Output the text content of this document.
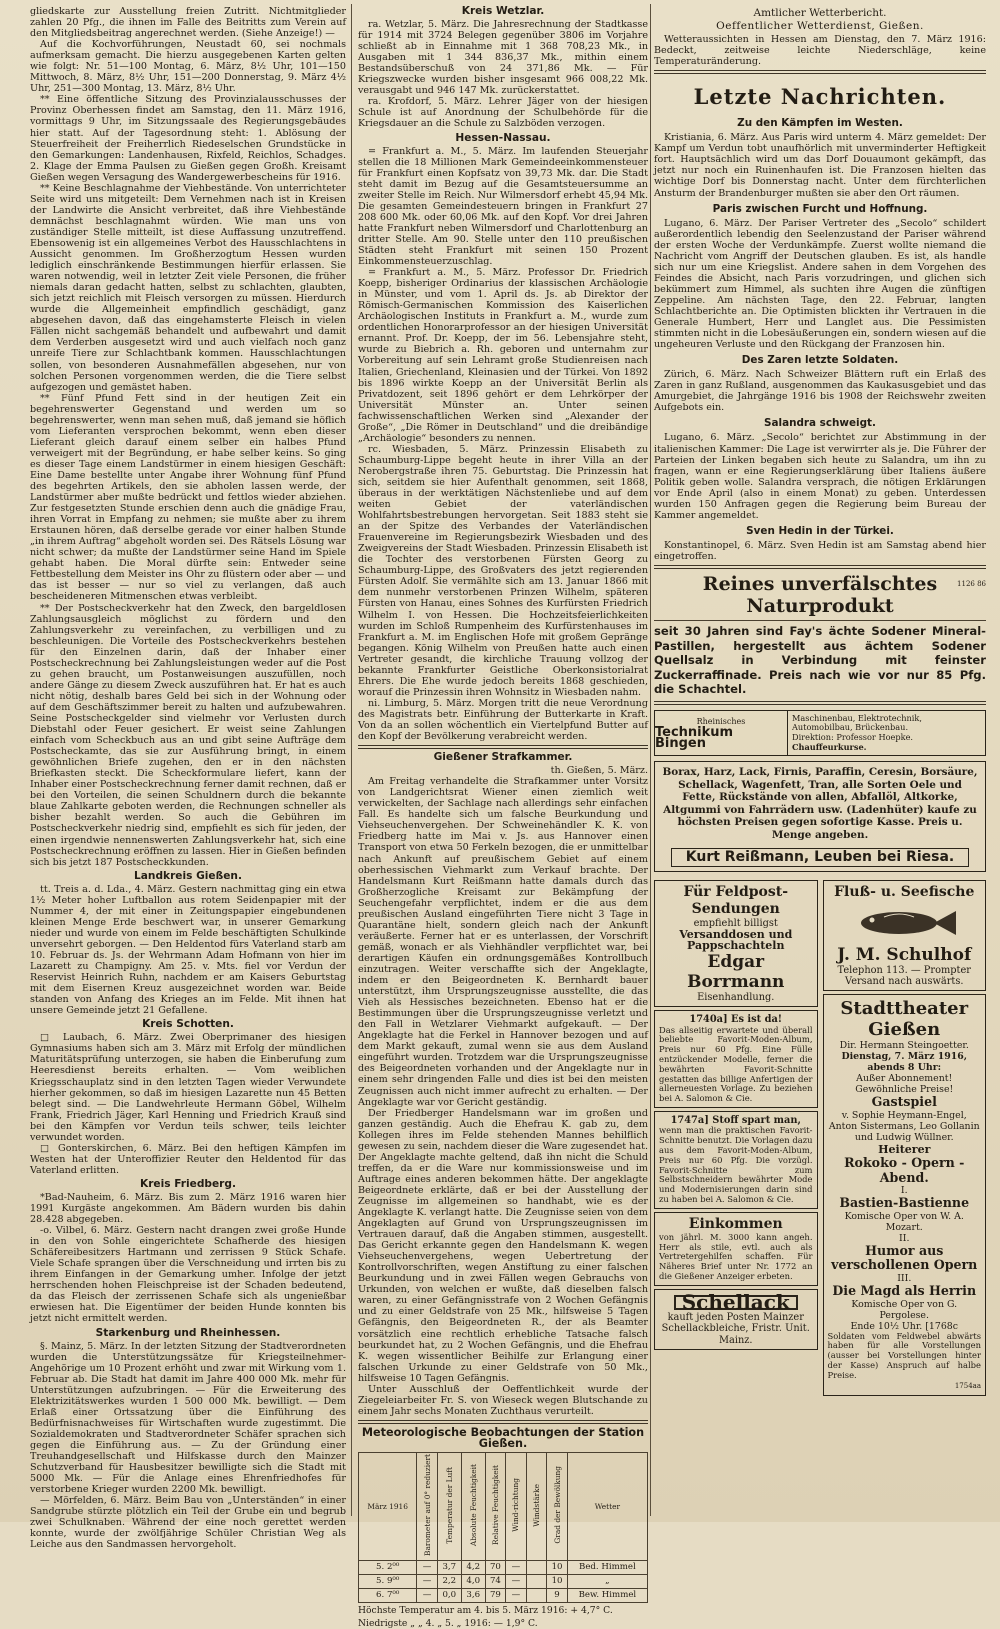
gliedskarte zur Ausstellung freien Zutritt. Nichtmitglieder zahlen 20 Pfg., die ihnen im Falle des Beitritts zum Verein auf den Mitgliedsbeitrag angerechnet werden. (Siehe Anzeige!) —

Auf die Kochvorführungen, Neustadt 60, sei nochmals aufmerksam gemacht. Die hierzu ausgegebenen Karten gelten wie folgt: Nr. 51—100 Montag, 6. März, 8½ Uhr, 101—150 Mittwoch, 8. März, 8½ Uhr, 151—200 Donnerstag, 9. März 4½ Uhr, 251—300 Montag, 13. März, 8½ Uhr.

** Eine öffentliche Sitzung des Provinzialausschusses der Provinz Oberhessen findet am Samstag, den 11. März 1916, vormittags 9 Uhr, im Sitzungssaale des Regierungsgebäudes hier statt. Auf der Tagesordnung steht: 1. Ablösung der Steuerfreiheit der Freiherrlich Riedeselschen Grundstücke in den Gemarkungen: Landenhausen, Rixfeld, Reichlos, Schadges. 2. Klage der Emma Paulsen zu Gießen gegen Großh. Kreisamt Gießen wegen Versagung des Wandergewerbescheins für 1916.

** Keine Beschlagnahme der Viehbestände. Von unterrichteter Seite wird uns mitgeteilt: Dem Vernehmen nach ist in Kreisen der Landwirte die Ansicht verbreitet, daß ihre Viehbestände demnächst beschlagnahmt würden. Wie man uns von zuständiger Stelle mitteilt, ist diese Auffassung unzutreffend. Ebensowenig ist ein allgemeines Verbot des Hausschlachtens in Aussicht genommen. Im Großherzogtum Hessen wurden lediglich einschränkende Bestimmungen hierfür erlassen. Sie waren notwendig, weil in letzter Zeit viele Personen, die früher niemals daran gedacht hatten, selbst zu schlachten, glaubten, sich jetzt reichlich mit Fleisch versorgen zu müssen. Hierdurch wurde die Allgemeinheit empfindlich geschädigt, ganz abgesehen davon, daß das eingehamsterte Fleisch in vielen Fällen nicht sachgemäß behandelt und aufbewahrt und damit dem Verderben ausgesetzt wird und auch vielfach noch ganz unreife Tiere zur Schlachtbank kommen. Hausschlachtungen sollen, von besonderen Ausnahmefällen abgesehen, nur von solchen Personen vorgenommen werden, die die Tiere selbst aufgezogen und gemästet haben.

** Fünf Pfund Fett sind in der heutigen Zeit ein begehrenswerter Gegenstand und werden um so begehrenswerter, wenn man sehen muß, daß jemand sie höflich vom Lieferanten versprochen bekommt, wenn eben dieser Lieferant gleich darauf einem selber ein halbes Pfund verweigert mit der Begründung, er habe selber keins. So ging es dieser Tage einem Landstürmer in einem hiesigen Geschäft: Eine Dame bestellte unter Angabe ihrer Wohnung fünf Pfund des begehrten Artikels, den sie abholen lassen werde, der Landstürmer aber mußte bedrückt und fettlos wieder abziehen. Zur festgesetzten Stunde erschien denn auch die gnädige Frau, ihren Vorrat in Empfang zu nehmen; sie mußte aber zu ihrem Erstaunen hören, daß derselbe gerade vor einer halben Stunde „in ihrem Auftrag“ abgeholt worden sei. Des Rätsels Lösung war nicht schwer; da mußte der Landstürmer seine Hand im Spiele gehabt haben. Die Moral dürfte sein: Entweder seine Fettbestellung dem Meister ins Ohr zu flüstern oder aber — und das ist besser — nur so viel zu verlangen, daß auch bescheideneren Mitmenschen etwas verbleibt.

** Der Postscheckverkehr hat den Zweck, den bargeldlosen Zahlungsausgleich möglichst zu fördern und den Zahlungsverkehr zu vereinfachen, zu verbilligen und zu beschleunigen. Die Vorteile des Postscheckverkehrs bestehen für den Einzelnen darin, daß der Inhaber einer Postscheckrechnung bei Zahlungsleistungen weder auf die Post zu gehen braucht, um Postanweisungen auszufüllen, noch andere Gänge zu diesem Zweck auszuführen hat. Er hat es auch nicht nötig, deshalb bares Geld bei sich in der Wohnung oder auf dem Geschäftszimmer bereit zu halten und aufzubewahren. Seine Postscheckgelder sind vielmehr vor Verlusten durch Diebstahl oder Feuer gesichert. Er weist seine Zahlungen einfach vom Scheckbuch aus an und gibt seine Aufträge dem Postscheckamte, das sie zur Ausführung bringt, in einem gewöhnlichen Briefe zugehen, den er in den nächsten Briefkasten steckt. Die Scheckformulare liefert, kann der Inhaber einer Postscheckrechnung ferner damit rechnen, daß er bei den Vorteilen, die seinen Schuldnern durch die bekannte blaue Zahlkarte geboten werden, die Rechnungen schneller als bisher bezahlt werden. So auch die Gebühren im Postscheckverkehr niedrig sind, empfiehlt es sich für jeden, der einen irgendwie nennenswerten Zahlungsverkehr hat, sich eine Postscheckrechnung eröffnen zu lassen. Hier in Gießen befinden sich bis jetzt 187 Postscheckkunden.

Landkreis Gießen.

tt. Treis a. d. Lda., 4. März. Gestern nachmittag ging ein etwa 1½ Meter hoher Luftballon aus rotem Seidenpapier mit der Nummer 4, der mit einer in Zeitungspapier eingebundenen kleinen Menge Erde beschwert war, in unserer Gemarkung nieder und wurde von einem im Felde beschäftigten Schulkinde unversehrt geborgen. — Den Heldentod fürs Vaterland starb am 10. Februar ds. Js. der Wehrmann Adam Hofmann von hier im Lazarett zu Champigny. Am 25. v. Mts. fiel vor Verdun der Reservist Heinrich Ruhn, nachdem er am Kaisers Geburtstag mit dem Eisernen Kreuz ausgezeichnet worden war. Beide standen von Anfang des Krieges an im Felde. Mit ihnen hat unsere Gemeinde jetzt 21 Gefallene.

Kreis Schotten.

□ Laubach, 6. März. Zwei Oberprimaner des hiesigen Gymnasiums haben sich am 3. März mit Erfolg der mündlichen Maturitätsprüfung unterzogen, sie haben die Einberufung zum Heeresdienst bereits erhalten. — Vom weiblichen Kriegsschauplatz sind in den letzten Tagen wieder Verwundete hierher gekommen, so daß im hiesigen Lazarette nun 45 Betten belegt sind. — Die Landwehrleute Hermann Göbel, Wilhelm Frank, Friedrich Jäger, Karl Henning und Friedrich Krauß sind bei den Kämpfen vor Verdun teils schwer, teils leichter verwundet worden.

□ Gonterskirchen, 6. März. Bei den heftigen Kämpfen im Westen hat der Unteroffizier Reuter den Heldentod für das Vaterland erlitten.

Kreis Friedberg.

*Bad-Nauheim, 6. März. Bis zum 2. März 1916 waren hier 1991 Kurgäste angekommen. Am Bädern wurden bis dahin 28.428 abgegeben.

-o. Vilbel, 6. März. Gestern nacht drangen zwei große Hunde in den von Sohle eingerichtete Schafherde des hiesigen Schäfereibesitzers Hartmann und zerrissen 9 Stück Schafe. Viele Schafe sprangen über die Verschneidung und irrten bis zu ihrem Einfangen in der Gemarkung umher. Infolge der jetzt herrschenden hohen Fleischpreise ist der Schaden bedeutend, da das Fleisch der zerrissenen Schafe sich als ungenießbar erwiesen hat. Die Eigentümer der beiden Hunde konnten bis jetzt nicht ermittelt werden.

Starkenburg und Rheinhessen.

§. Mainz, 5. März. In der letzten Sitzung der Stadtverordneten wurden die Unterstützungssätze für Kriegsteilnehmer-Angehörige um 10 Prozent erhöht und zwar mit Wirkung vom 1. Februar ab. Die Stadt hat damit im Jahre 400 000 Mk. mehr für Unterstützungen aufzubringen. — Für die Erweiterung des Elektrizitätswerkes wurden 1 500 000 Mk. bewilligt. — Dem Erlaß einer Ortssatzung über die Einführung des Bedürfnisnachweises für Wirtschaften wurde zugestimmt. Die Sozialdemokraten und Stadtverordneter Schäfer sprachen sich gegen die Einführung aus. — Zu der Gründung einer Treuhandgesellschaft und Hilfskasse durch den Mainzer Schutzverband für Hausbesitzer bewilligte sich die Stadt mit 5000 Mk. — Für die Anlage eines Ehrenfriedhofes für verstorbene Krieger wurden 2200 Mk. bewilligt.

— Mörfelden, 6. März. Beim Bau von „Unterständen“ in einer Sandgrube stürzte plötzlich ein Teil der Grube ein und begrub zwei Schulknaben. Während der eine noch gerettet werden konnte, wurde der zwölfjährige Schüler Christian Weg als Leiche aus den Sandmassen hervorgeholt.

Kreis Wetzlar.

ra. Wetzlar, 5. März. Die Jahresrechnung der Stadtkasse für 1914 mit 3724 Belegen gegenüber 3806 im Vorjahre schließt ab in Einnahme mit 1 368 708,23 Mk., in Ausgaben mit 1 344 836,37 Mk., mithin einem Bestandsüberschuß von 24 371,86 Mk. — Für Kriegszwecke wurden bisher insgesamt 966 008,22 Mk. verausgabt und 946 147 Mk. zurückerstattet.

ra. Krofdorf, 5. März. Lehrer Jäger von der hiesigen Schule ist auf Anordnung der Schulbehörde für die Kriegsdauer an die Schule zu Salzböden verzogen.

Hessen-Nassau.

= Frankfurt a. M., 5. März. Im laufenden Steuerjahr stellen die 18 Millionen Mark Gemeindeeinkommensteuer für Frankfurt einen Kopfsatz von 39,73 Mk. dar. Die Stadt steht damit im Bezug auf die Gesamtsteuersumme an zweiter Stelle im Reich. Nur Wilmersdorf erhebt 45,94 Mk. Die gesamten Gemeindesteuern bringen in Frankfurt 27 208 600 Mk. oder 60,06 Mk. auf den Kopf. Vor drei Jahren hatte Frankfurt neben Wilmersdorf und Charlottenburg an dritter Stelle. Am 90. Stelle unter den 110 preußischen Städten steht Frankfurt mit seinen 150 Prozent Einkommensteuerzuschlag.

= Frankfurt a. M., 5. März. Professor Dr. Friedrich Koepp, bisheriger Ordinarius der klassischen Archäologie in Münster, und vom 1. April ds. Js. ab Direktor der Römisch-Germanischen Kommission des Kaiserlichen Archäologischen Instituts in Frankfurt a. M., wurde zum ordentlichen Honorarprofessor an der hiesigen Universität ernannt. Prof. Dr. Koepp, der im 56. Lebensjahre steht, wurde zu Biebrich a. Rh. geboren und unternahm zur Vorbereitung auf sein Lehramt große Studienreisen nach Italien, Griechenland, Kleinasien und der Türkei. Von 1892 bis 1896 wirkte Koepp an der Universität Berlin als Privatdozent, seit 1896 gehört er dem Lehrkörper der Universität Münster an. Unter seinen fachwissenschaftlichen Werken sind „Alexander der Große“, „Die Römer in Deutschland“ und die dreibändige „Archäologie“ besonders zu nennen.

rc. Wiesbaden, 5. März. Prinzessin Elisabeth zu Schaumburg-Lippe begeht heute in ihrer Villa an der Nerobergstraße ihren 75. Geburtstag. Die Prinzessin hat sich, seitdem sie hier Aufenthalt genommen, seit 1868, überaus in der werktätigen Nächstenliebe und auf dem weiten Gebiet der vaterländischen Wohlfahrtsbestrebungen hervorgetan. Seit 1883 steht sie an der Spitze des Verbandes der Vaterländischen Frauenvereine im Regierungsbezirk Wiesbaden und des Zweigvereins der Stadt Wiesbaden. Prinzessin Elisabeth ist die Tochter des verstorbenen Fürsten Georg zu Schaumburg-Lippe, des Großvaters des jetzt regierenden Fürsten Adolf. Sie vermählte sich am 13. Januar 1866 mit dem nunmehr verstorbenen Prinzen Wilhelm, späteren Fürsten von Hanau, eines Sohnes des Kurfürsten Friedrich Wilhelm I. von Hessen. Die Hochzeitsfeierlichkeiten wurden im Schloß Rumpenheim des Kurfürstenhauses im Frankfurt a. M. im Englischen Hofe mit großem Gepränge begangen. König Wilhelm von Preußen hatte auch einen Vertreter gesandt, die kirchliche Trauung vollzog der bekannte Frankfurter Geistliche Oberkonsistorialrat Ehrers. Die Ehe wurde jedoch bereits 1868 geschieden, worauf die Prinzessin ihren Wohnsitz in Wiesbaden nahm.

ni. Limburg, 5. März. Morgen tritt die neue Verordnung des Magistrats betr. Einführung der Butterkarte in Kraft. Von da an sollen wöchentlich ein Viertelpfund Butter auf den Kopf der Bevölkerung verabreicht werden.

Gießener Strafkammer.

th. Gießen, 5. März.

Am Freitag verhandelte die Strafkammer unter Vorsitz von Landgerichtsrat Wiener einen ziemlich weit verwickelten, der Sachlage nach allerdings sehr einfachen Fall. Es handelte sich um falsche Beurkundung und Viehseuchenvergehen. Der Schweinehändler K. K. von Friedberg hatte im Mai v. Js. aus Hannover einen Transport von etwa 50 Ferkeln bezogen, die er unmittelbar nach Ankunft auf preußischem Gebiet auf einem oberhessischen Viehmarkt zum Verkauf brachte. Der Handelsmann Kurt Reißmann hatte damals durch das Großherzogliche Kreisamt zur Bekämpfung der Seuchengefahr verpflichtet, indem er die aus dem preußischen Ausland eingeführten Tiere nicht 3 Tage in Quarantäne hielt, sondern gleich nach der Ankunft veräußerte. Ferner hat er es unterlassen, der Vorschrift gemäß, wonach er als Viehhändler verpflichtet war, bei derartigen Käufen ein ordnungsgemäßes Kontrollbuch einzutragen. Weiter verschaffte sich der Angeklagte, indem er den Beigeordneten K. Bernhardt bauer unterstützt, ihm Ursprungszeugnisse ausstellte, die das Vieh als Hessisches bezeichneten. Ebenso hat er die Bestimmungen über die Ursprungszeugnisse verletzt und den Fall in Wetzlarer Viehmarkt aufgekauft. — Der Angeklagte hat die Ferkel in Hannover bezogen und auf dem Markt gekauft, zumal wenn sie aus dem Ausland eingeführt wurden. Trotzdem war die Ursprungszeugnisse des Beigeordneten vorhanden und der Angeklagte nur in einem sehr dringenden Falle und dies ist bei den meisten Zeugnissen auch nicht immer aufrecht zu erhalten. — Der Angeklagte war vor Gericht geständig.

Der Friedberger Handelsmann war im großen und ganzen geständig. Auch die Ehefrau K. gab zu, dem Kollegen ihres im Felde stehenden Mannes behilflich gewesen zu sein, nachdem dieser die Ware zugesendet hat. Der Angeklagte machte geltend, daß ihn nicht die Schuld treffen, da er die Ware nur kommissionsweise und im Auftrage eines anderen bekommen hätte. Der angeklagte Beigeordnete erklärte, daß er bei der Ausstellung der Zeugnisse im allgemeinen so handhabt, wie es der Angeklagte K. verlangt hatte. Die Zeugnisse seien von dem Angeklagten auf Grund von Ursprungszeugnissen im Vertrauen darauf, daß die Angaben stimmen, ausgestellt. Das Gericht erkannte gegen den Handelsmann K. wegen Viehseuchenvergehens, wegen Uebertretung der Kontrollvorschriften, wegen Anstiftung zu einer falschen Beurkundung und in zwei Fällen wegen Gebrauchs von Urkunden, von welchen er wußte, daß dieselben falsch waren, zu einer Gefängnisstrafe von 2 Wochen Gefängnis und zu einer Geldstrafe von 25 Mk., hilfsweise 5 Tagen Gefängnis, den Beigeordneten R., der als Beamter vorsätzlich eine rechtlich erhebliche Tatsache falsch beurkundet hat, zu 2 Wochen Gefängnis, und die Ehefrau K. wegen wissentlicher Beihilfe zur Erlangung einer falschen Urkunde zu einer Geldstrafe von 50 Mk., hilfsweise 10 Tagen Gefängnis.

Unter Ausschluß der Oeffentlichkeit wurde der Ziegeleiarbeiter Fr. S. von Wieseck wegen Blutschande zu einem Jahr sechs Monaten Zuchthaus verurteilt.

Meteorologische Beobachtungen der Station Gießen.
März 1916	Barometer auf 0° reduziert	Temperatur der Luft	Absolute Feuchtigkeit	Relative Feuchtigkeit	Wind-richtung	Windstärke	Grad der Bewölkung	Wetter
5. 2⁰⁰	—	3,7	4,2	70	—		10	Bed. Himmel
5. 9⁰⁰	—	2,2	4,0	74	—		10	„
6. 7⁰⁰	—	0,0	3,6	79	—		9	Bew. Himmel
Höchste Temperatur am 4. bis 5. März 1916: + 4,7° C.
Niedrigste „ „ 4. „ 5. „ 1916: — 1,9° C.
Amtlicher Wetterbericht.
Oeffentlicher Wetterdienst, Gießen.

Wetteraussichten in Hessen am Dienstag, den 7. März 1916: Bedeckt, zeitweise leichte Niederschläge, keine Temperaturänderung.

Letzte Nachrichten.
Zu den Kämpfen im Westen.

Kristiania, 6. März. Aus Paris wird unterm 4. März gemeldet: Der Kampf um Verdun tobt unaufhörlich mit unverminderter Heftigkeit fort. Hauptsächlich wird um das Dorf Douaumont gekämpft, das jetzt nur noch ein Ruinenhaufen ist. Die Franzosen hielten das wichtige Dorf bis Donnerstag nacht. Unter dem fürchterlichen Ansturm der Brandenburger mußten sie aber den Ort räumen.

Paris zwischen Furcht und Hoffnung.

Lugano, 6. März. Der Pariser Vertreter des „Secolo“ schildert außerordentlich lebendig den Seelenzustand der Pariser während der ersten Woche der Verdunkämpfe. Zuerst wollte niemand die Nachricht vom Angriff der Deutschen glauben. Es ist, als handle sich nur um eine Kriegslist. Andere sahen in dem Vorgehen des Feindes die Absicht, nach Paris vorzudringen, und glichen sich bekümmert zum Himmel, als suchten ihre Augen die zünftigen Zeppeline. Am nächsten Tage, den 22. Februar, langten Schlachtberichte an. Die Optimisten blickten ihr Vertrauen in die Generale Humbert, Herr und Langlet aus. Die Pessimisten stimmten nicht in die Lobesäußerungen ein, sondern wiesen auf die ungeheuren Verluste und den Rückgang der Franzosen hin.

Des Zaren letzte Soldaten.

Zürich, 6. März. Nach Schweizer Blättern ruft ein Erlaß des Zaren in ganz Rußland, ausgenommen das Kaukasusgebiet und das Amurgebiet, die Jahrgänge 1916 bis 1908 der Reichswehr zweiten Aufgebots ein.

Salandra schweigt.

Lugano, 6. März. „Secolo“ berichtet zur Abstimmung in der italienischen Kammer: Die Lage ist verwirrter als je. Die Führer der Parteien der Linken begaben sich heute zu Salandra, um ihn zu fragen, wann er eine Regierungserklärung über Italiens äußere Politik geben wolle. Salandra versprach, die nötigen Erklärungen vor Ende April (also in einem Monat) zu geben. Unterdessen wurden 150 Anfragen gegen die Regierung beim Bureau der Kammer angemeldet.

Sven Hedin in der Türkei.

Konstantinopel, 6. März. Sven Hedin ist am Samstag abend hier eingetroffen.

Reines unverfälschtes	1126 86
Naturprodukt
seit 30 Jahren sind Fay's ächte Sodener Mineral-Pastillen, hergestellt aus ächtem Sodener Quellsalz in Verbindung mit feinster Zuckerraffinade. Preis nach wie vor nur 85 Pfg. die Schachtel.
Rheinisches
Technikum Bingen
Maschinenbau, Elektrotechnik,
Automobilbau, Brückenbau.
Direktion: Professor Hoepke.
Chauffeurkurse.
Borax, Harz, Lack, Firnis, Paraffin, Ceresin, Borsäure, Schellack, Wagenfett, Tran, alle Sorten Oele und Fette, Rückstände von allen, Abfallöl, Altkorke, Altgummi von Fahrrädern usw. (Ladenhüter) kaufe zu höchsten Preisen gegen sofortige Kasse. Preis u. Menge angeben.
Kurt Reißmann, Leuben bei Riesa.
Für Feldpost-Sendungen
empfiehlt billigst
Versanddosen und Pappschachteln
Edgar Borrmann
Eisenhandlung.
1740a] Es ist da!
Das allseitig erwartete und überall beliebte Favorit-Moden-Album, Preis nur 60 Pfg. Eine Fülle entzückender Modelle, ferner die bewährten Favorit-Schnitte gestatten das billige Anfertigen der allerneuesten Vorlage. Zu beziehen bei A. Salomon & Cie.
1747a] Stoff spart man,
wenn man die praktischen Favorit-Schnitte benutzt. Die Vorlagen dazu aus dem Favorit-Moden-Album, Preis nur 60 Pfg. Die vorzügl. Favorit-Schnitte zum Selbstschneidern bewährter Mode und Modernisierungen darin sind zu haben bei A. Salomon & Cie.
Einkommen
von jährl. M. 3000 kann angeh. Herr als stile, evtl. auch als Vertretergehilfen schaffen. Für Näheres Brief unter Nr. 1772 an die Gießener Anzeiger erbeten.
Schellack
kauft jeden Posten Mainzer Schellackbleiche, Fristr. Unit. Mainz.
Fluß- u. Seefische
J. M. Schulhof
Telephon 113. — Prompter Versand nach auswärts.
Stadttheater Gießen
Dir. Hermann Steingoetter.
Dienstag, 7. März 1916, abends 8 Uhr:
Außer Abonnement! Gewöhnliche Preise!
Gastspiel
v. Sophie Heymann-Engel, Anton Sistermans, Leo Gollanin und Ludwig Wüllner.
Heiterer
Rokoko - Opern - Abend.
I.
Bastien-Bastienne
Komische Oper von W. A. Mozart.
II.
Humor aus verschollenen Opern
III.
Die Magd als Herrin
Komische Oper von G. Pergolese.
Ende 10½ Uhr. [1768c
Soldaten vom Feldwebel abwärts haben für alle Vorstellungen (ausser bei Vorstellungen hinter der Kasse) Anspruch auf halbe Preise.
1754aa
